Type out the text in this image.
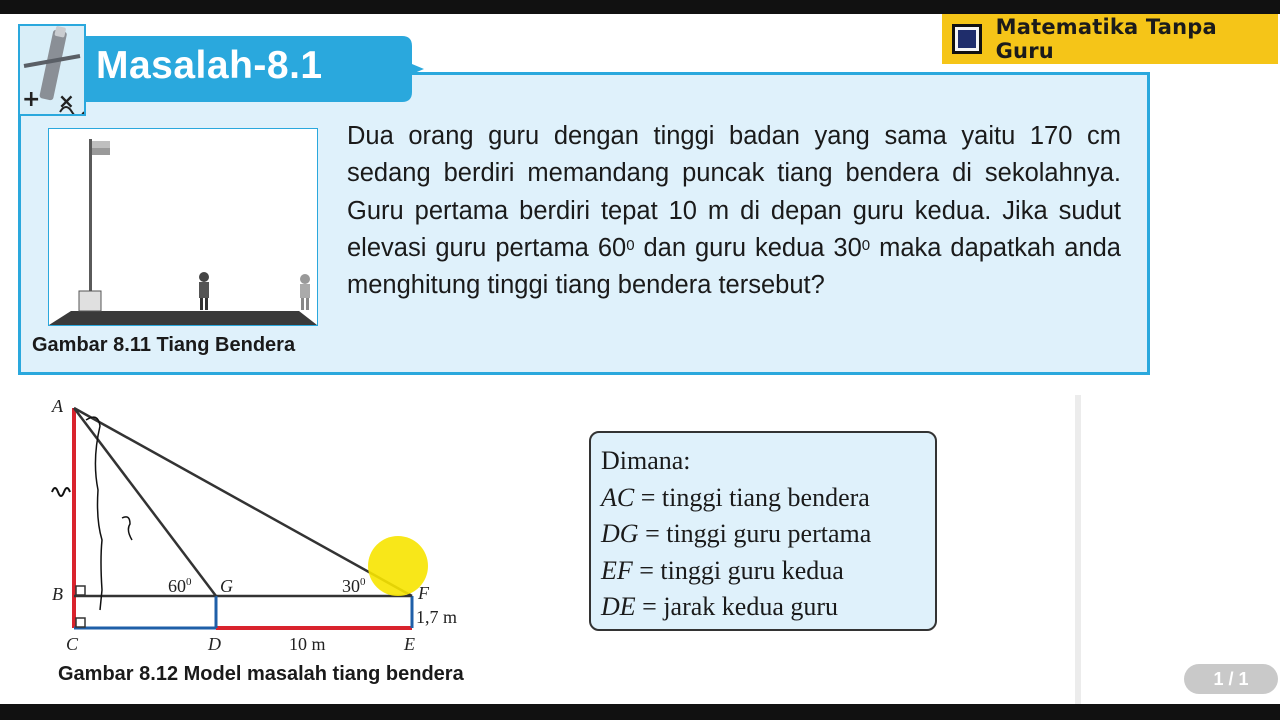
Matematika Tanpa Guru
Masalah-8.1
+ ×
Gambar 8.11 Tiang Bendera
Dua orang guru dengan tinggi badan yang sama yaitu 170 cm sedang berdiri memandang puncak tiang bendera di sekolahnya. Guru pertama berdiri tepat 10 m di depan guru kedua. Jika sudut elevasi guru pertama $60^0$ dan guru kedua $30^0$ maka dapatkah anda menghitung tinggi tiang bendera tersebut?
A
B
C	D	E
F
G
$60^0$	$30^0$
1,7 m
10 m
Gambar 8.12 Model masalah tiang bendera
Dimana:
AC = tinggi tiang bendera
DG = tinggi guru pertama
EF = tinggi guru kedua
DE = jarak kedua guru
1 / 1
